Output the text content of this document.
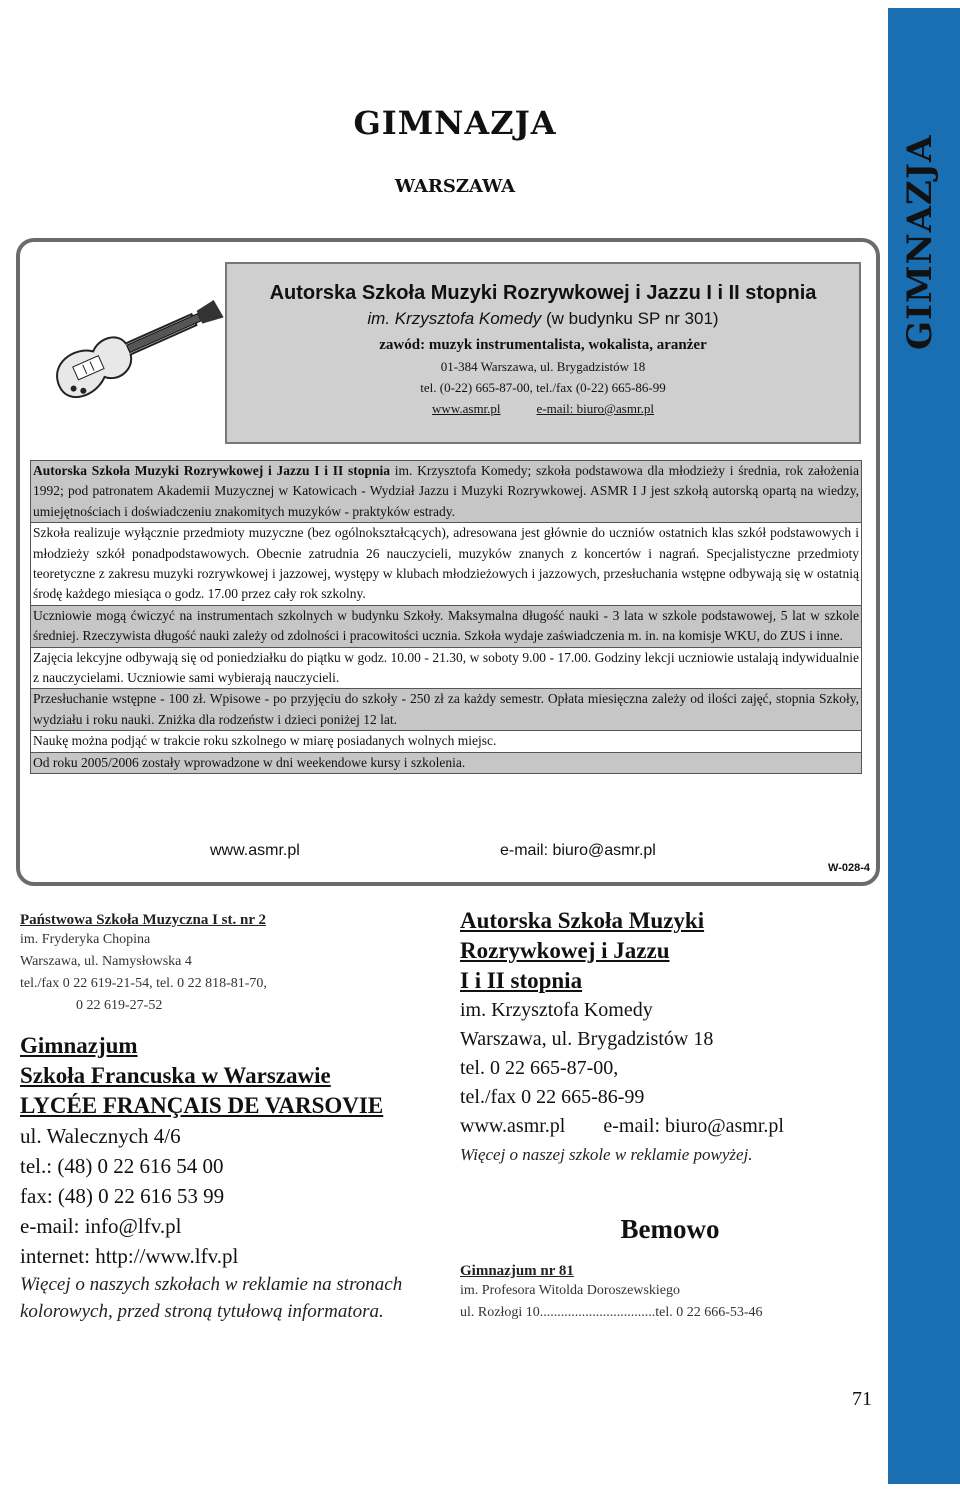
GIMNAZJA
GIMNAZJA
WARSZAWA
Autorska Szkoła Muzyki Rozrywkowej i Jazzu I i II stopnia
im. Krzysztofa Komedy (w budynku SP nr 301)
zawód: muzyk instrumentalista, wokalista, aranżer
01-384 Warszawa, ul. Brygadzistów 18
tel. (0-22) 665-87-00, tel./fax (0-22) 665-86-99
www.asmr.pl	e-mail: biuro@asmr.pl
Autorska Szkoła Muzyki Rozrywkowej i Jazzu I i II stopnia im. Krzysztofa Komedy; szkoła podstawowa dla młodzieży i średnia, rok założenia 1992; pod patronatem Akademii Muzycznej w Katowicach - Wydział Jazzu i Muzyki Rozrywkowej. ASMR I J jest szkołą autorską opartą na wiedzy, umiejętnościach i doświadczeniu znakomitych muzyków - praktyków estrady.
Szkoła realizuje wyłącznie przedmioty muzyczne (bez ogólnokształcących), adresowana jest głównie do uczniów ostatnich klas szkół podstawowych i młodzieży szkół ponadpodstawowych. Obecnie zatrudnia 26 nauczycieli, muzyków znanych z koncertów i nagrań. Specjalistyczne przedmioty teoretyczne z zakresu muzyki rozrywkowej i jazzowej, występy w klubach młodzieżowych i jazzowych, przesłuchania wstępne odbywają się w ostatnią środę każdego miesiąca o godz. 17.00 przez cały rok szkolny.
Uczniowie mogą ćwiczyć na instrumentach szkolnych w budynku Szkoły. Maksymalna długość nauki - 3 lata w szkole podstawowej, 5 lat w szkole średniej. Rzeczywista długość nauki zależy od zdolności i pracowitości ucznia. Szkoła wydaje zaświadczenia m. in. na komisje WKU, do ZUS i inne.
Zajęcia lekcyjne odbywają się od poniedziałku do piątku w godz. 10.00 - 21.30, w soboty 9.00 - 17.00. Godziny lekcji uczniowie ustalają indywidualnie z nauczycielami. Uczniowie sami wybierają nauczycieli.
Przesłuchanie wstępne - 100 zł. Wpisowe - po przyjęciu do szkoły - 250 zł za każdy semestr. Opłata miesięczna zależy od ilości zajęć, stopnia Szkoły, wydziału i roku nauki. Zniżka dla rodzeństw i dzieci poniżej 12 lat.
Naukę można podjąć w trakcie roku szkolnego w miarę posiadanych wolnych miejsc.
Od roku 2005/2006 zostały wprowadzone w dni weekendowe kursy i szkolenia.
www.asmr.pl	e-mail: biuro@asmr.pl
W-028-4
Państwowa Szkoła Muzyczna I st. nr 2
im. Fryderyka Chopina
Warszawa, ul. Namysłowska 4
tel./fax 0 22 619-21-54, tel. 0 22 818-81-70,
0 22 619-27-52
Gimnazjum
Szkoła Francuska w Warszawie
LYCÉE FRANÇAIS DE VARSOVIE
ul. Walecznych 4/6
tel.: (48) 0 22 616 54 00
fax: (48) 0 22 616 53 99
e-mail: info@lfv.pl
internet: http://www.lfv.pl
Więcej o naszych szkołach w reklamie na stronach kolorowych, przed stroną tytułową informatora.
Autorska Szkoła Muzyki
Rozrywkowej i Jazzu
I i II stopnia
im. Krzysztofa Komedy
Warszawa, ul. Brygadzistów 18
tel. 0 22 665-87-00,
tel./fax 0 22 665-86-99
www.asmr.pl e-mail: biuro@asmr.pl
Więcej o naszej szkole w reklamie powyżej.
Bemowo
Gimnazjum nr 81
im. Profesora Witolda Doroszewskiego
ul. Rozłogi 10.................................tel. 0 22 666-53-46
71
